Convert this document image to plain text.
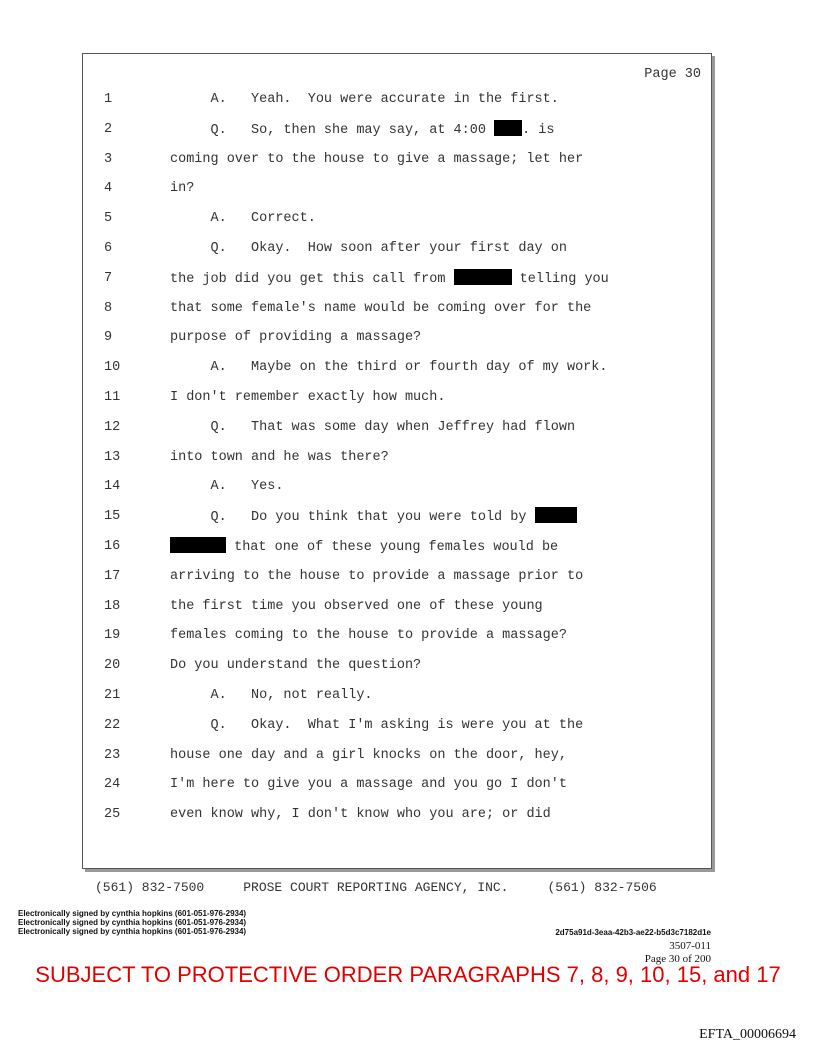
Page 30
1	A.   Yeah.  You were accurate in the first.
2	Q.   So, then she may say, at 4:00 . is
3	coming over to the house to give a massage; let her
4	in?
5	A.   Correct.
6	Q.   Okay.  How soon after your first day on
7	the job did you get this call from	telling you
8	that some female's name would be coming over for the
9	purpose of providing a massage?
10	A.   Maybe on the third or fourth day of my work.
11	I don't remember exactly how much.
12	Q.   That was some day when Jeffrey had flown
13	into town and he was there?
14	A.   Yes.
15	Q.   Do you think that you were told by
16	that one of these young females would be
17	arriving to the house to provide a massage prior to
18	the first time you observed one of these young
19	females coming to the house to provide a massage?
20	Do you understand the question?
21	A.   No, not really.
22	Q.   Okay.  What I'm asking is were you at the
23	house one day and a girl knocks on the door, hey,
24	I'm here to give you a massage and you go I don't
25	even know why, I don't know who you are; or did
(561) 832-7500     PROSE COURT REPORTING AGENCY, INC.     (561) 832-7506
Electronically signed by cynthia hopkins (601-051-976-2934)
Electronically signed by cynthia hopkins (601-051-976-2934)
Electronically signed by cynthia hopkins (601-051-976-2934)	2d75a91d-3eaa-42b3-ae22-b5d3c7182d1e
3507-011
Page 30 of 200
SUBJECT TO PROTECTIVE ORDER PARAGRAPHS 7, 8, 9, 10, 15, and 17
EFTA_00006694
